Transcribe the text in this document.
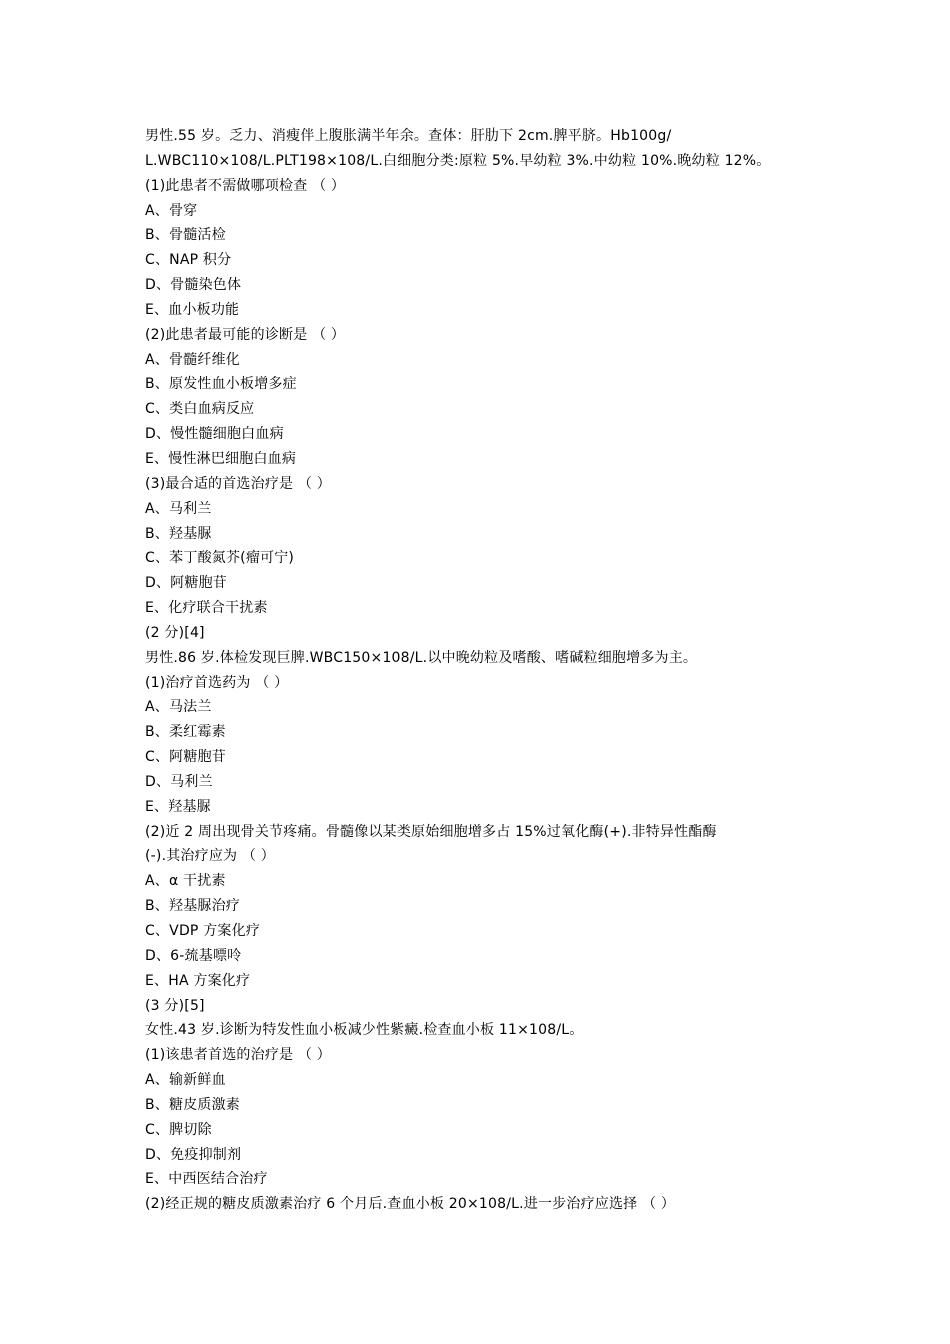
男性.55 岁。乏力、消瘦伴上腹胀满半年余。查体：肝肋下 2cm.脾平脐。Hb100g/
L.WBC110×108/L.PLT198×108/L.白细胞分类:原粒 5%.早幼粒 3%.中幼粒 10%.晚幼粒 12%。
(1)此患者不需做哪项检查 （ ）
A、骨穿
B、骨髓活检
C、NAP 积分
D、骨髓染色体
E、血小板功能
(2)此患者最可能的诊断是 （ ）
A、骨髓纤维化
B、原发性血小板增多症
C、类白血病反应
D、慢性髓细胞白血病
E、慢性淋巴细胞白血病
(3)最合适的首选治疗是 （ ）
A、马利兰
B、羟基脲
C、苯丁酸氮芥(瘤可宁)
D、阿糖胞苷
E、化疗联合干扰素
(2 分)[4]
男性.86 岁.体检发现巨脾.WBC150×108/L.以中晚幼粒及嗜酸、嗜碱粒细胞增多为主。
(1)治疗首选药为 （ ）
A、马法兰
B、柔红霉素
C、阿糖胞苷
D、马利兰
E、羟基脲
(2)近 2 周出现骨关节疼痛。骨髓像以某类原始细胞增多占 15%过氧化酶(+).非特异性酯酶
(-).其治疗应为 （ ）
A、α 干扰素
B、羟基脲治疗
C、VDP 方案化疗
D、6-巯基嘌呤
E、HA 方案化疗
(3 分)[5]
女性.43 岁.诊断为特发性血小板减少性紫癜.检查血小板 11×108/L。
(1)该患者首选的治疗是 （ ）
A、输新鲜血
B、糖皮质激素
C、脾切除
D、免疫抑制剂
E、中西医结合治疗
(2)经正规的糖皮质激素治疗 6 个月后.查血小板 20×108/L.进一步治疗应选择 （ ）
